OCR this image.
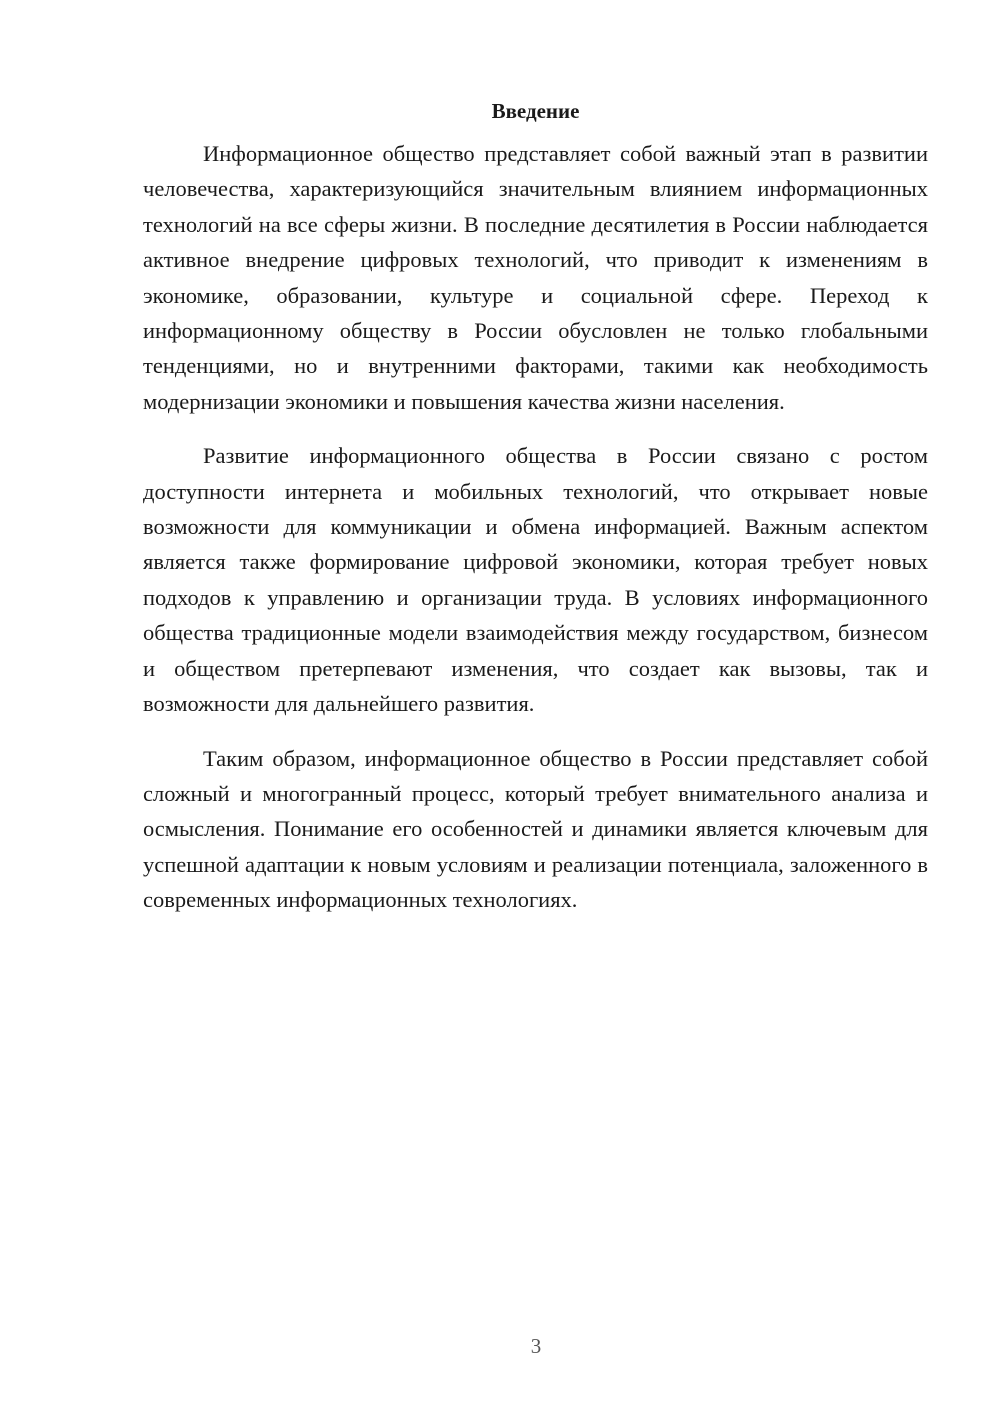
Введение

Информационное общество представляет собой важный этап в развитии человечества, характеризующийся значительным влиянием информационных технологий на все сферы жизни. В последние десятилетия в России наблюдается активное внедрение цифровых технологий, что приводит к изменениям в экономике, образовании, культуре и социальной сфере. Переход к информационному обществу в России обусловлен не только глобальными тенденциями, но и внутренними факторами, такими как необходимость модернизации экономики и повышения качества жизни населения.

Развитие информационного общества в России связано с ростом доступности интернета и мобильных технологий, что открывает новые возможности для коммуникации и обмена информацией. Важным аспектом является также формирование цифровой экономики, которая требует новых подходов к управлению и организации труда. В условиях информационного общества традиционные модели взаимодействия между государством, бизнесом и обществом претерпевают изменения, что создает как вызовы, так и возможности для дальнейшего развития.

Таким образом, информационное общество в России представляет собой сложный и многогранный процесс, который требует внимательного анализа и осмысления. Понимание его особенностей и динамики является ключевым для успешной адаптации к новым условиям и реализации потенциала, заложенного в современных информационных технологиях.

3
